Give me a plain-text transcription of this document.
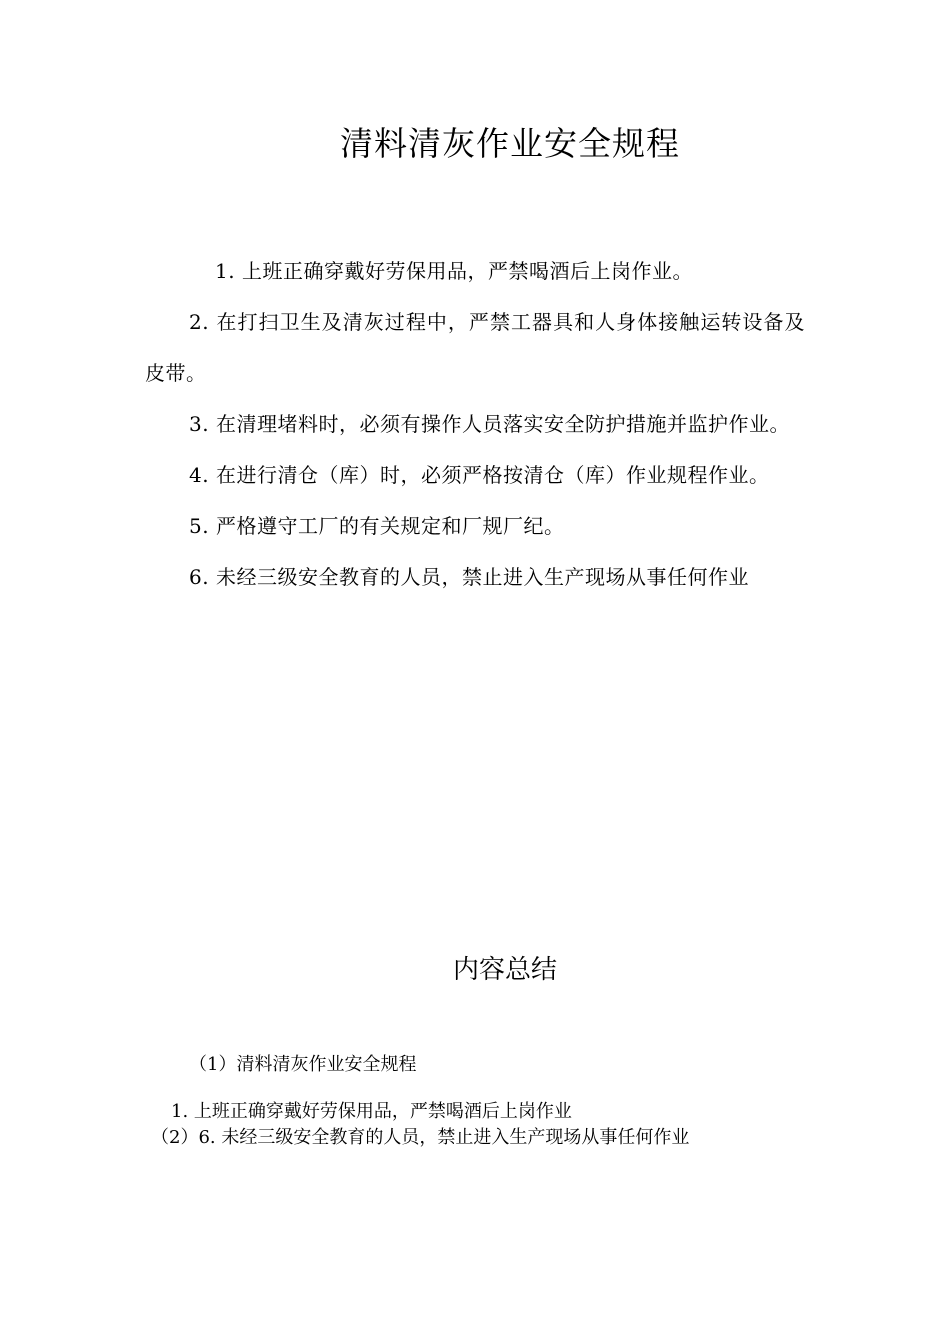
清料清灰作业安全规程

1. 上班正确穿戴好劳保用品，严禁喝酒后上岗作业。

2. 在打扫卫生及清灰过程中，严禁工器具和人身体接触运转设备及皮带。

3. 在清理堵料时，必须有操作人员落实安全防护措施并监护作业。

4. 在进行清仓（库）时，必须严格按清仓（库）作业规程作业。

5. 严格遵守工厂的有关规定和厂规厂纪。

6. 未经三级安全教育的人员，禁止进入生产现场从事任何作业

内容总结
（1）清料清灰作业安全规程
1. 上班正确穿戴好劳保用品，严禁喝酒后上岗作业
（2）6. 未经三级安全教育的人员，禁止进入生产现场从事任何作业
